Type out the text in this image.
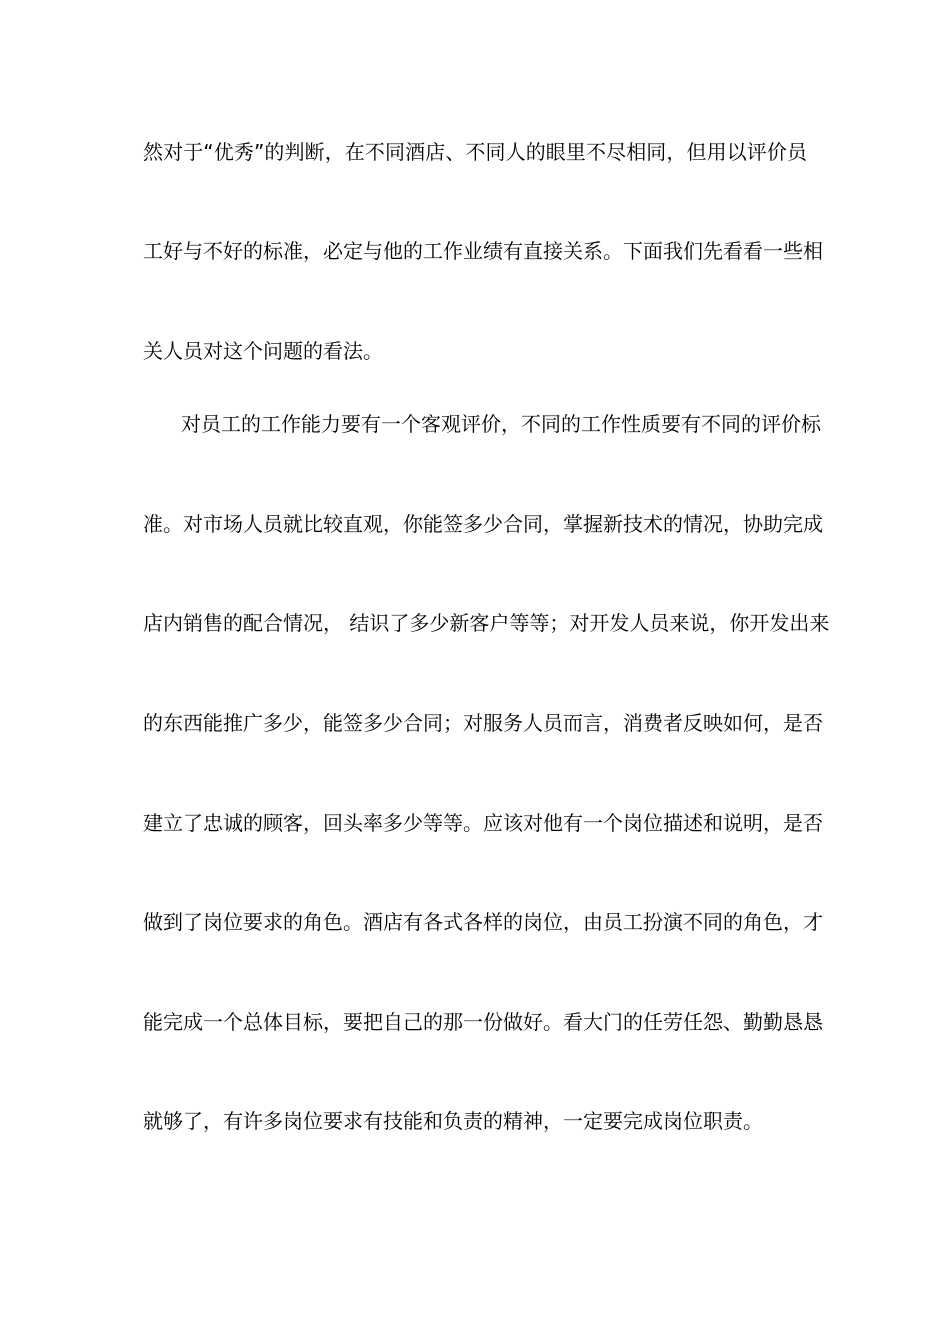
然对于“优秀”的判断，在不同酒店、不同人的眼里不尽相同，但用以评价员
工好与不好的标准，必定与他的工作业绩有直接关系。下面我们先看看一些相
关人员对这个问题的看法。
对员工的工作能力要有一个客观评价，不同的工作性质要有不同的评价标
准。对市场人员就比较直观，你能签多少合同，掌握新技术的情况，协助完成
店内销售的配合情况， 结识了多少新客户等等；对开发人员来说，你开发出来
的东西能推广多少，能签多少合同；对服务人员而言，消费者反映如何，是否
建立了忠诚的顾客，回头率多少等等。应该对他有一个岗位描述和说明，是否
做到了岗位要求的角色。酒店有各式各样的岗位，由员工扮演不同的角色，才
能完成一个总体目标，要把自己的那一份做好。看大门的任劳任怨、勤勤恳恳
就够了，有许多岗位要求有技能和负责的精神，一定要完成岗位职责。
